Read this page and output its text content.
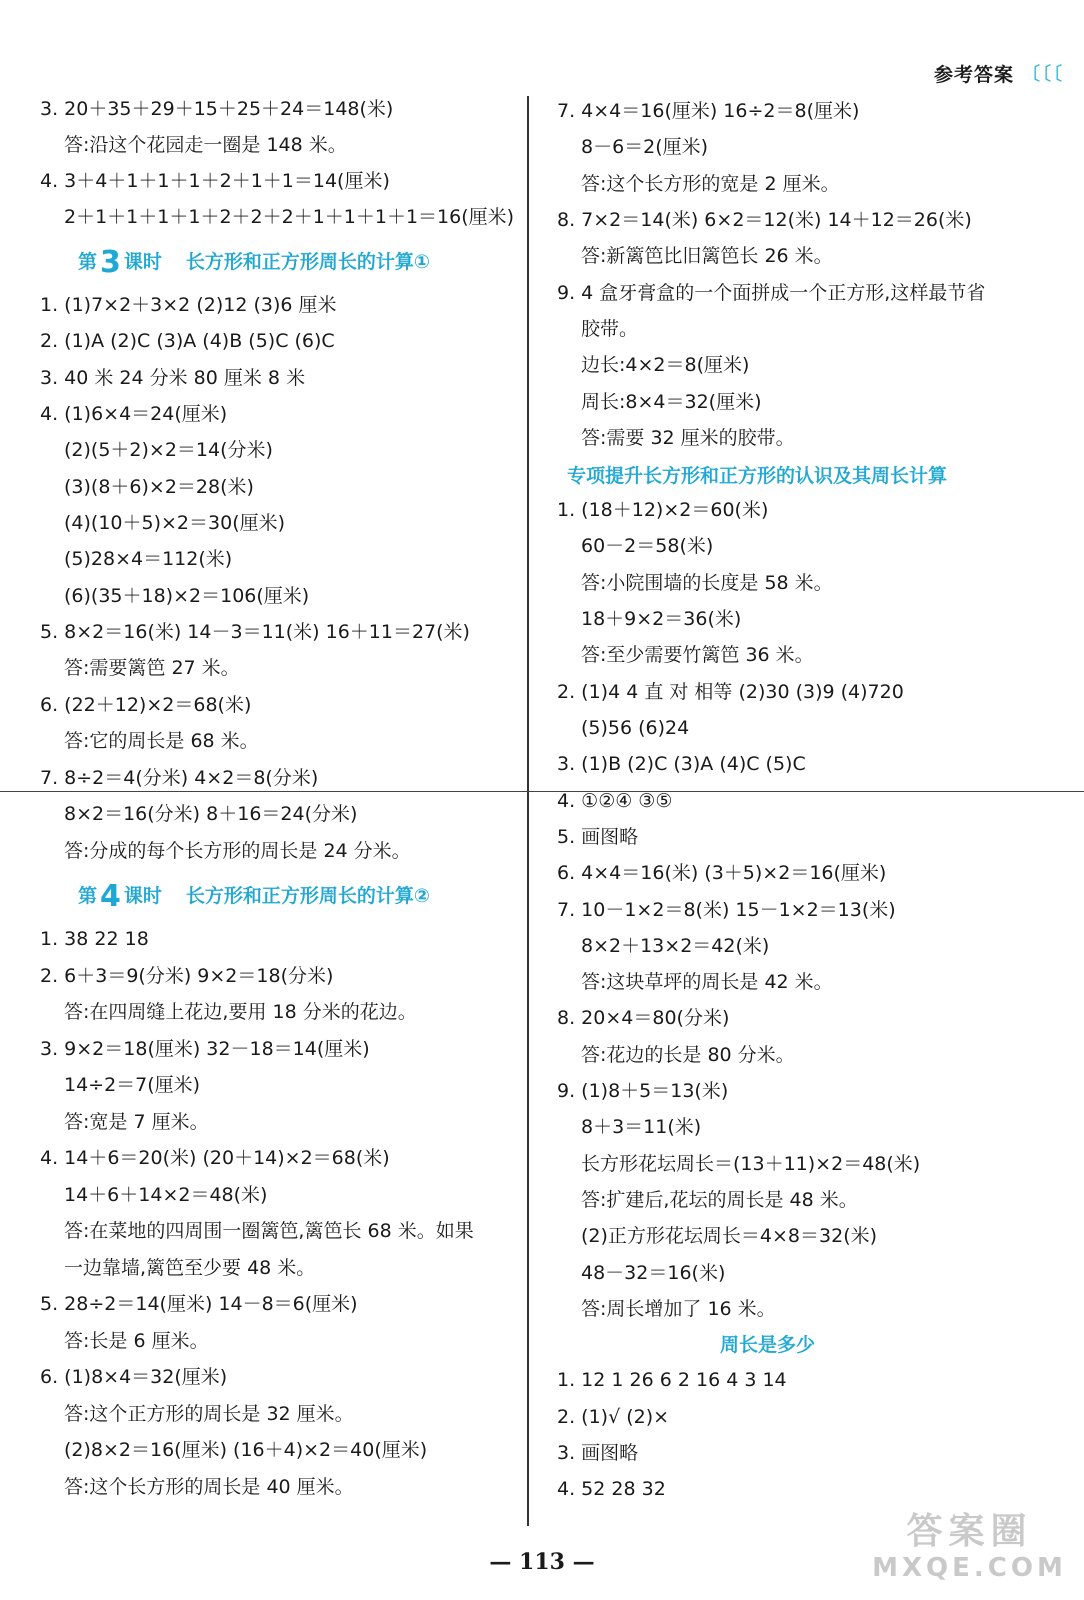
参考答案 〔〔〔
3. 20＋35＋29＋15＋25＋24＝148(米)
答:沿这个花园走一圈是 148 米。
4. 3＋4＋1＋1＋1＋2＋1＋1＝14(厘米)
2＋1＋1＋1＋1＋2＋2＋2＋1＋1＋1＋1＝16(厘米)
第 3 课时 长方形和正方形周长的计算①
1. (1)7×2＋3×2 (2)12 (3)6 厘米
2. (1)A (2)C (3)A (4)B (5)C (6)C
3. 40 米 24 分米 80 厘米 8 米
4. (1)6×4＝24(厘米)
(2)(5＋2)×2＝14(分米)
(3)(8＋6)×2＝28(米)
(4)(10＋5)×2＝30(厘米)
(5)28×4＝112(米)
(6)(35＋18)×2＝106(厘米)
5. 8×2＝16(米) 14－3＝11(米) 16＋11＝27(米)
答:需要篱笆 27 米。
6. (22＋12)×2＝68(米)
答:它的周长是 68 米。
7. 8÷2＝4(分米) 4×2＝8(分米)
8×2＝16(分米) 8＋16＝24(分米)
答:分成的每个长方形的周长是 24 分米。
第 4 课时 长方形和正方形周长的计算②
1. 38 22 18
2. 6＋3＝9(分米) 9×2＝18(分米)
答:在四周缝上花边,要用 18 分米的花边。
3. 9×2＝18(厘米) 32－18＝14(厘米)
14÷2＝7(厘米)
答:宽是 7 厘米。
4. 14＋6＝20(米) (20＋14)×2＝68(米)
14＋6＋14×2＝48(米)
答:在菜地的四周围一圈篱笆,篱笆长 68 米。如果
一边靠墙,篱笆至少要 48 米。
5. 28÷2＝14(厘米) 14－8＝6(厘米)
答:长是 6 厘米。
6. (1)8×4＝32(厘米)
答:这个正方形的周长是 32 厘米。
(2)8×2＝16(厘米) (16＋4)×2＝40(厘米)
答:这个长方形的周长是 40 厘米。
7. 4×4＝16(厘米) 16÷2＝8(厘米)
8－6＝2(厘米)
答:这个长方形的宽是 2 厘米。
8. 7×2＝14(米) 6×2＝12(米) 14＋12＝26(米)
答:新篱笆比旧篱笆长 26 米。
9. 4 盒牙膏盒的一个面拼成一个正方形,这样最节省
胶带。
边长:4×2＝8(厘米)
周长:8×4＝32(厘米)
答:需要 32 厘米的胶带。
专项提升长方形和正方形的认识及其周长计算
1. (18＋12)×2＝60(米)
60－2＝58(米)
答:小院围墙的长度是 58 米。
18＋9×2＝36(米)
答:至少需要竹篱笆 36 米。
2. (1)4 4 直 对 相等 (2)30 (3)9 (4)720
(5)56 (6)24
3. (1)B (2)C (3)A (4)C (5)C
4. ①②④ ③⑤
5. 画图略
6. 4×4＝16(米) (3＋5)×2＝16(厘米)
7. 10－1×2＝8(米) 15－1×2＝13(米)
8×2＋13×2＝42(米)
答:这块草坪的周长是 42 米。
8. 20×4＝80(分米)
答:花边的长是 80 分米。
9. (1)8＋5＝13(米)
8＋3＝11(米)
长方形花坛周长＝(13＋11)×2＝48(米)
答:扩建后,花坛的周长是 48 米。
(2)正方形花坛周长＝4×8＝32(米)
48－32＝16(米)
答:周长增加了 16 米。
周长是多少
1. 12 1 26 6 2 16 4 3 14
2. (1)√ (2)×
3. 画图略
4. 52 28 32
— 113 —
答案圈
MXQE.COM
